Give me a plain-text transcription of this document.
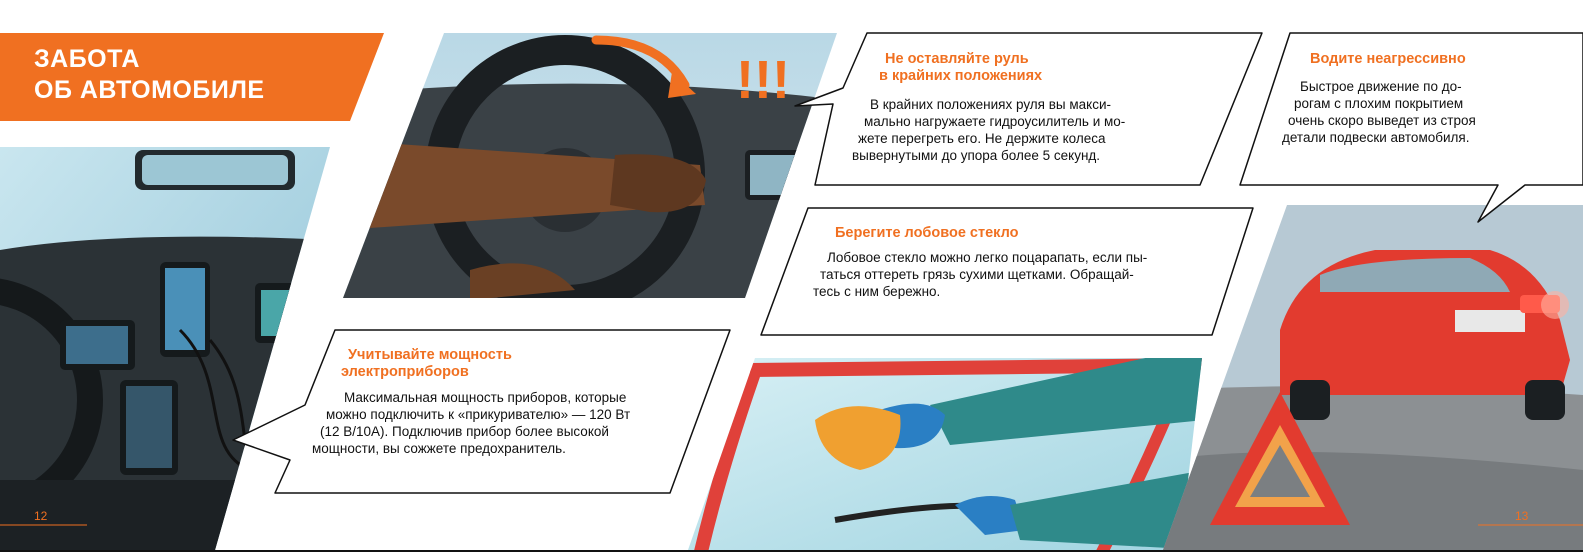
!!!
ЗАБОТА
ОБ АВТОМОБИЛЕ
Не оставляйте руль
в крайних положениях

В крайних положениях руля вы макси-
мально нагружаете гидроусилитель и мо-
жете перегреть его. Не держите колеса
вывернутыми до упора более 5 секунд.

Водите неагрессивно

Быстрое движение по до-
рогам с плохим покрытием
очень скоро выведет из строя
детали подвески автомобиля.

Берегите лобовое стекло

Лобовое стекло можно легко поцарапать, если пы-
таться оттереть грязь сухими щетками. Обращай-
тесь с ним бережно.

Учитывайте мощность
электроприборов

Максимальная мощность приборов, которые
можно подключить к «прикуривателю» — 120 Вт
(12 В/10А). Подключив прибор более высокой
мощности, вы сожжете предохранитель.

12	13
